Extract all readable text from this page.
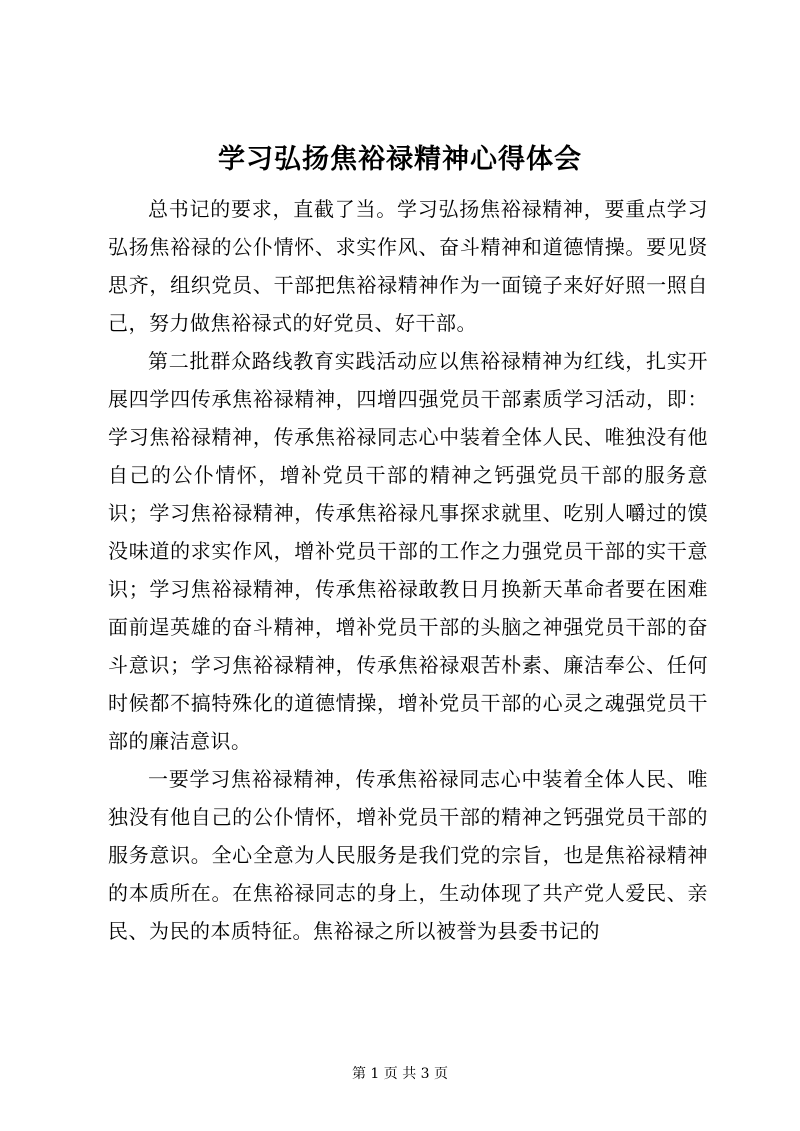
学习弘扬焦裕禄精神心得体会

总书记的要求，直截了当。学习弘扬焦裕禄精神，要重点学习弘扬焦裕禄的公仆情怀、求实作风、奋斗精神和道德情操。要见贤思齐，组织党员、干部把焦裕禄精神作为一面镜子来好好照一照自己，努力做焦裕禄式的好党员、好干部。

第二批群众路线教育实践活动应以焦裕禄精神为红线，扎实开展四学四传承焦裕禄精神，四增四强党员干部素质学习活动，即：学习焦裕禄精神，传承焦裕禄同志心中装着全体人民、唯独没有他自己的公仆情怀，增补党员干部的精神之钙强党员干部的服务意识；学习焦裕禄精神，传承焦裕禄凡事探求就里、吃别人嚼过的馍没味道的求实作风，增补党员干部的工作之力强党员干部的实干意识；学习焦裕禄精神，传承焦裕禄敢教日月换新天革命者要在困难面前逞英雄的奋斗精神，增补党员干部的头脑之神强党员干部的奋斗意识；学习焦裕禄精神，传承焦裕禄艰苦朴素、廉洁奉公、任何时候都不搞特殊化的道德情操，增补党员干部的心灵之魂强党员干部的廉洁意识。

一要学习焦裕禄精神，传承焦裕禄同志心中装着全体人民、唯独没有他自己的公仆情怀，增补党员干部的精神之钙强党员干部的服务意识。全心全意为人民服务是我们党的宗旨，也是焦裕禄精神的本质所在。在焦裕禄同志的身上，生动体现了共产党人爱民、亲民、为民的本质特征。焦裕禄之所以被誉为县委书记的

第 1 页 共 3 页
